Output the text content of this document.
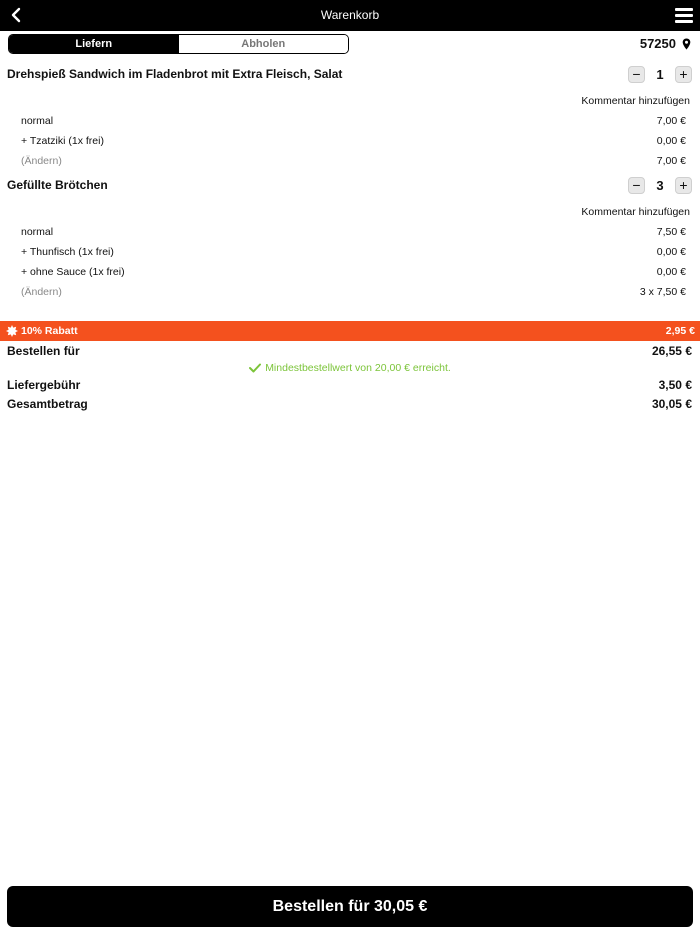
Warenkorb
Liefern	Abholen	57250
Drehspieß Sandwich im Fladenbrot mit Extra Fleisch, Salat	−	1	+
Kommentar hinzufügen
normal	7,00 €
+ Tzatziki (1x frei)	0,00 €
(Ändern)	7,00 €
Gefüllte Brötchen	−	3	+
Kommentar hinzufügen
normal	7,50 €
+ Thunfisch (1x frei)	0,00 €
+ ohne Sauce (1x frei)	0,00 €
(Ändern)	3 x 7,50 €
10% Rabatt	2,95 €
Bestellen für	26,55 €
Mindestbestellwert von 20,00 € erreicht.
Liefergebühr	3,50 €
Gesamtbetrag	30,05 €
Bestellen für 30,05 €
